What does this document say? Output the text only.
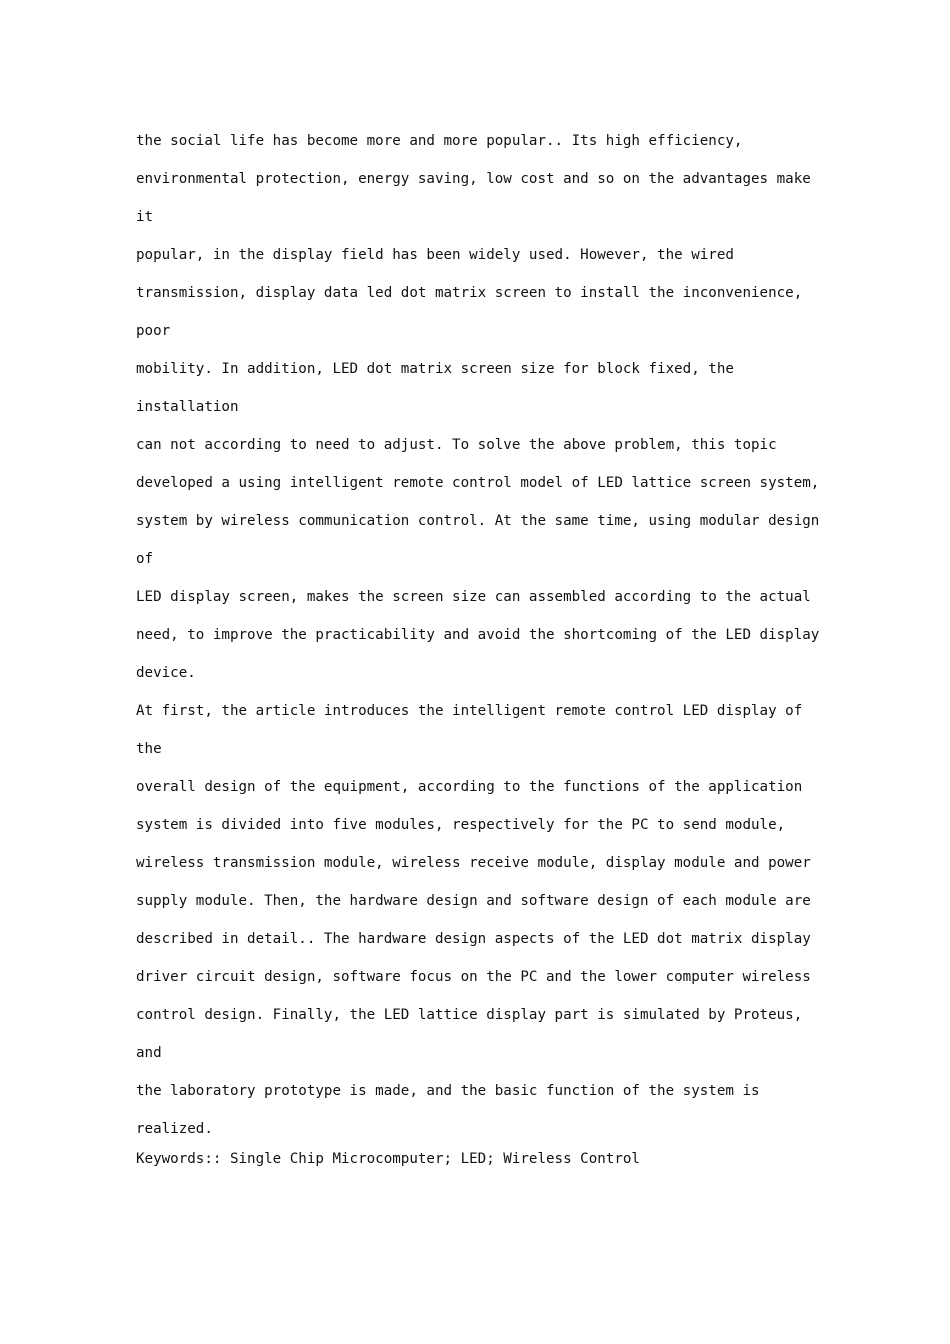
the social life has become more and more popular.. Its high efficiency,
environmental protection, energy saving, low cost and so on the advantages make it
popular, in the display field has been widely used. However, the wired
transmission, display data led dot matrix screen to install the inconvenience, poor
mobility. In addition, LED dot matrix screen size for block fixed, the installation
can not according to need to adjust. To solve the above problem, this topic
developed a using intelligent remote control model of LED lattice screen system,
system by wireless communication control. At the same time, using modular design of
LED display screen, makes the screen size can assembled according to the actual
need, to improve the practicability and avoid the shortcoming of the LED display
device.

At first, the article introduces the intelligent remote control LED display of the
overall design of the equipment, according to the functions of the application
system is divided into five modules, respectively for the PC to send module,
wireless transmission module, wireless receive module, display module and power
supply module. Then, the hardware design and software design of each module are
described in detail.. The hardware design aspects of the LED dot matrix display
driver circuit design, software focus on the PC and the lower computer wireless
control design. Finally, the LED lattice display part is simulated by Proteus, and
the laboratory prototype is made, and the basic function of the system is realized.

Keywords:: Single Chip Microcomputer; LED; Wireless Control
